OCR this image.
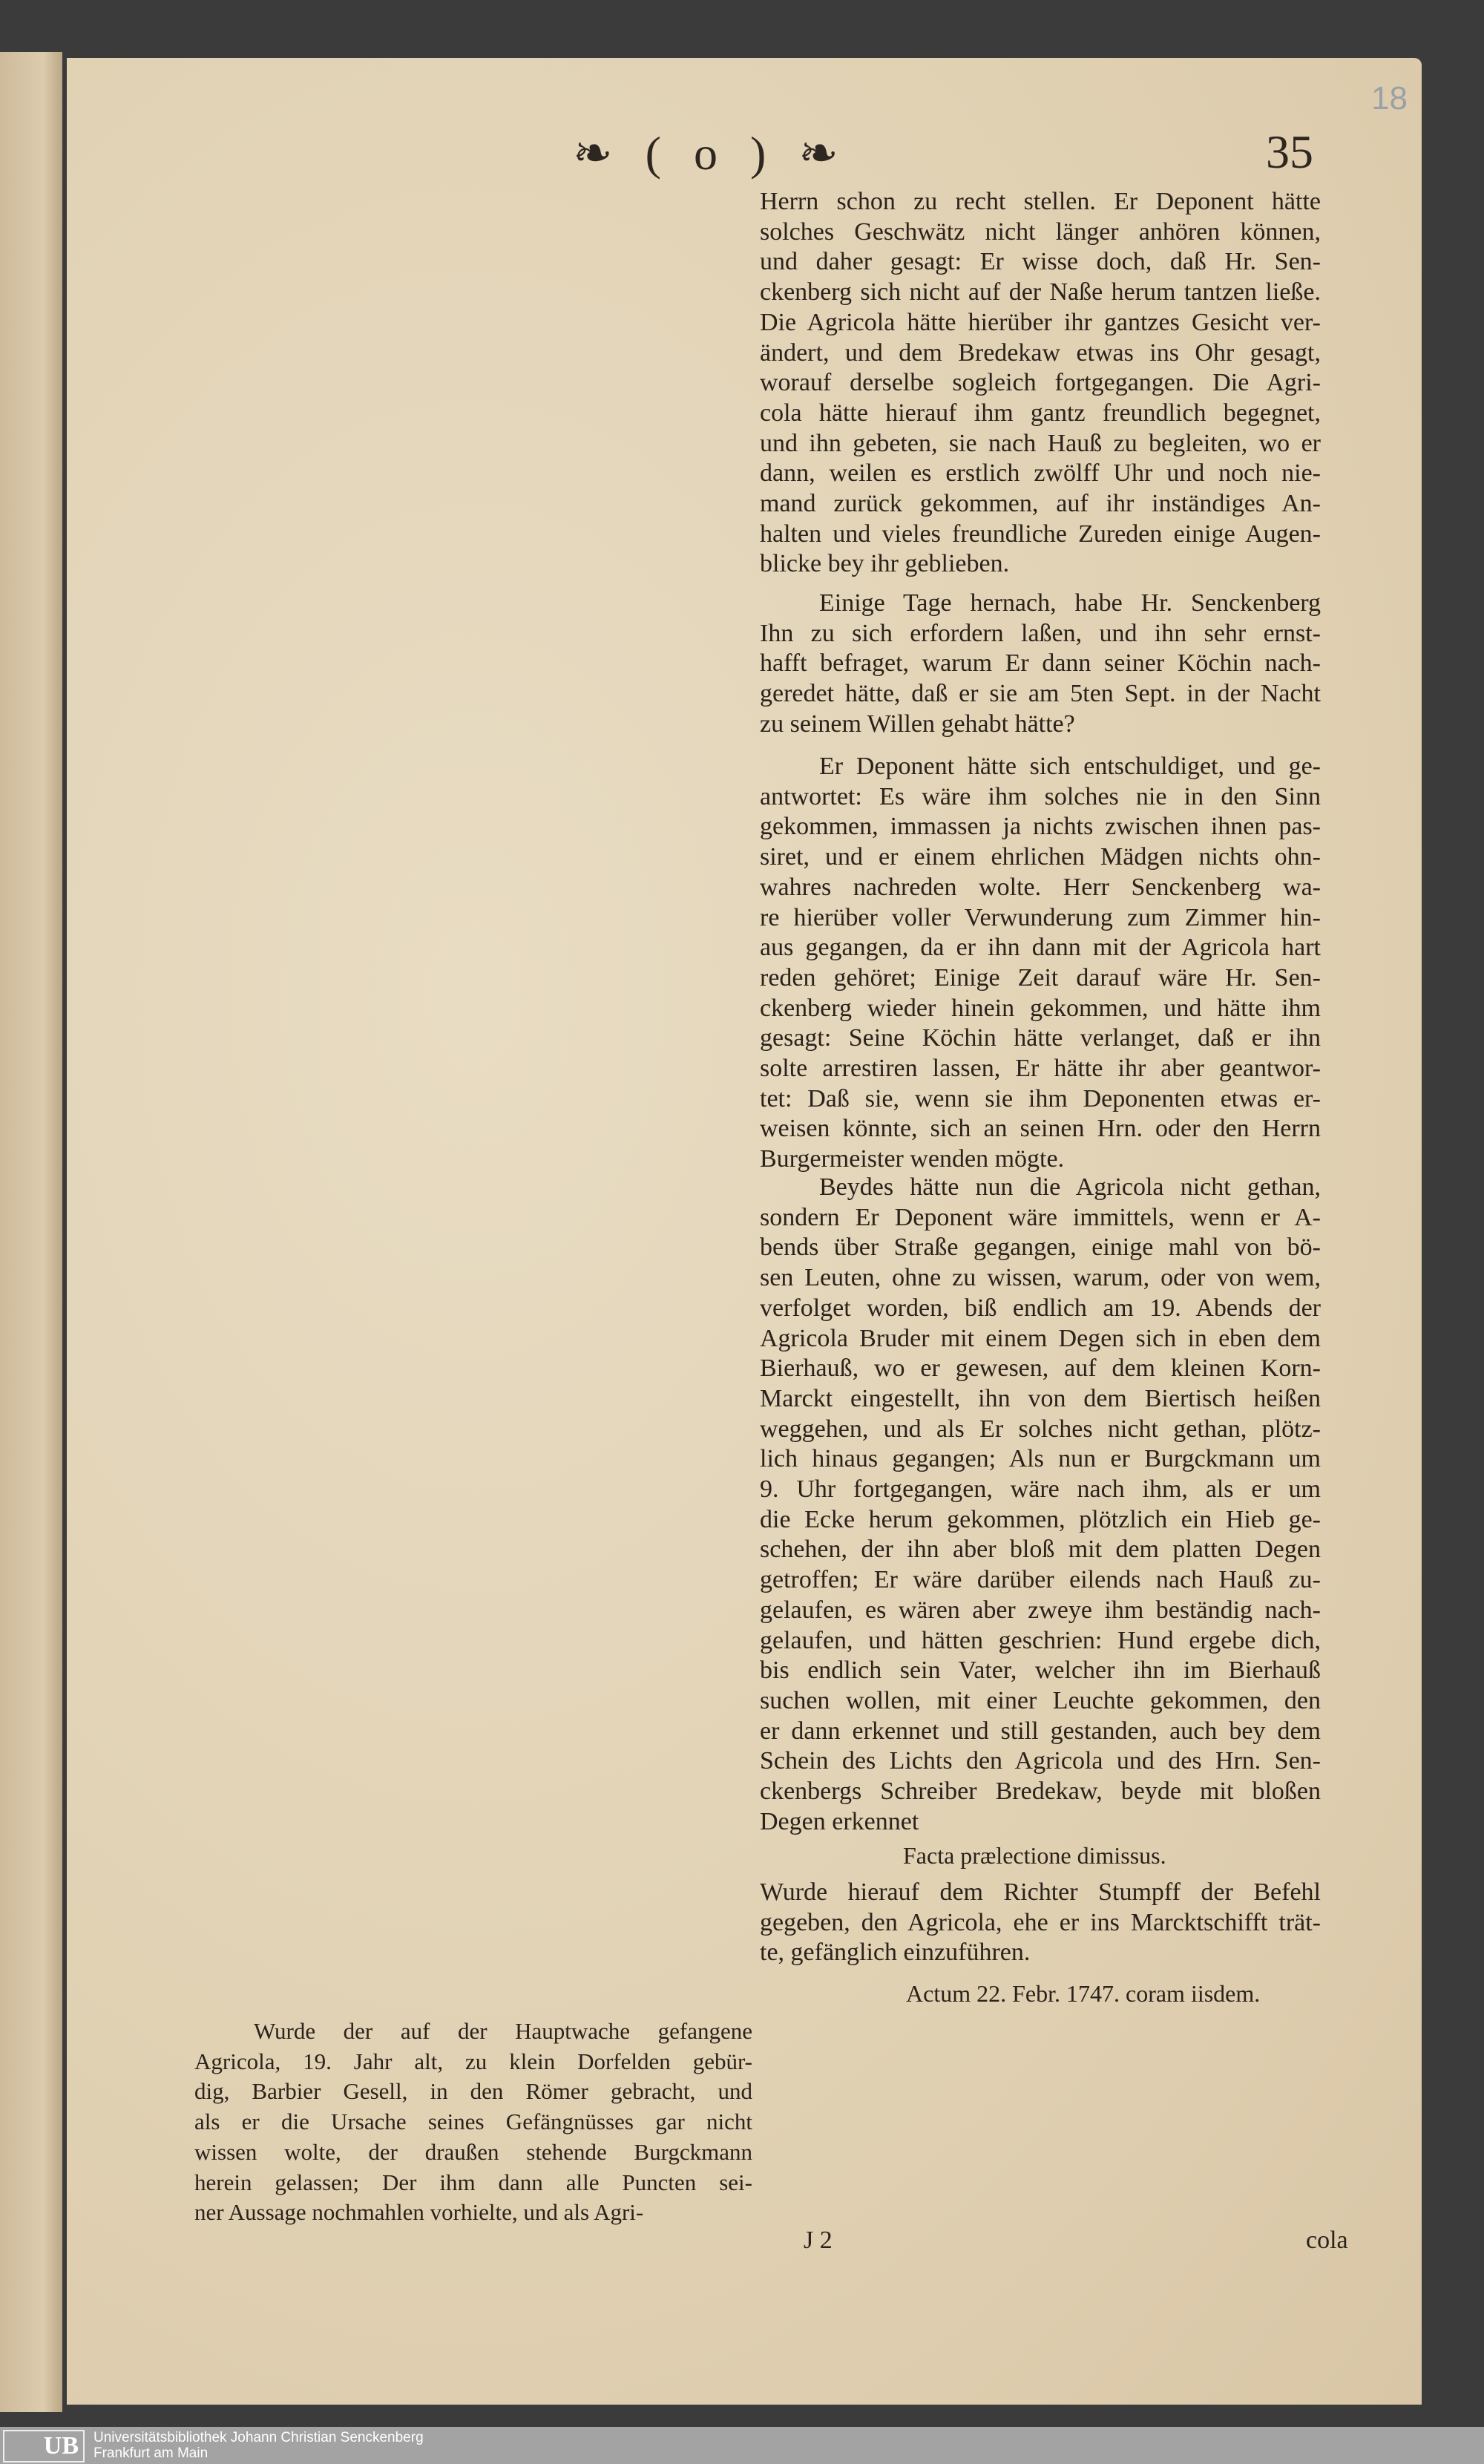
❧ ( o ) ❧	35
18
Herrn schon zu recht stellen. Er Deponent hätte
solches Geschwätz nicht länger anhören können,
und daher gesagt: Er wisse doch, daß Hr. Sen-
ckenberg sich nicht auf der Naße herum tantzen ließe.
Die Agricola hätte hierüber ihr gantzes Gesicht ver-
ändert, und dem Bredekaw etwas ins Ohr gesagt,
worauf derselbe sogleich fortgegangen. Die Agri-
cola hätte hierauf ihm gantz freundlich begegnet,
und ihn gebeten, sie nach Hauß zu begleiten, wo er
dann, weilen es erstlich zwölff Uhr und noch nie-
mand zurück gekommen, auf ihr inständiges An-
halten und vieles freundliche Zureden einige Augen-
blicke bey ihr geblieben.
Einige Tage hernach, habe Hr. Senckenberg
Ihn zu sich erfordern laßen, und ihn sehr ernst-
hafft befraget, warum Er dann seiner Köchin nach-
geredet hätte, daß er sie am 5ten Sept. in der Nacht
zu seinem Willen gehabt hätte?
Er Deponent hätte sich entschuldiget, und ge-
antwortet: Es wäre ihm solches nie in den Sinn
gekommen, immassen ja nichts zwischen ihnen pas-
siret, und er einem ehrlichen Mädgen nichts ohn-
wahres nachreden wolte. Herr Senckenberg wa-
re hierüber voller Verwunderung zum Zimmer hin-
aus gegangen, da er ihn dann mit der Agricola hart
reden gehöret; Einige Zeit darauf wäre Hr. Sen-
ckenberg wieder hinein gekommen, und hätte ihm
gesagt: Seine Köchin hätte verlanget, daß er ihn
solte arrestiren lassen, Er hätte ihr aber geantwor-
tet: Daß sie, wenn sie ihm Deponenten etwas er-
weisen könnte, sich an seinen Hrn. oder den Herrn
Burgermeister wenden mögte.
Beydes hätte nun die Agricola nicht gethan,
sondern Er Deponent wäre immittels, wenn er A-
bends über Straße gegangen, einige mahl von bö-
sen Leuten, ohne zu wissen, warum, oder von wem,
verfolget worden, biß endlich am 19. Abends der
Agricola Bruder mit einem Degen sich in eben dem
Bierhauß, wo er gewesen, auf dem kleinen Korn-
Marckt eingestellt, ihn von dem Biertisch heißen
weggehen, und als Er solches nicht gethan, plötz-
lich hinaus gegangen; Als nun er Burgckmann um
9. Uhr fortgegangen, wäre nach ihm, als er um
die Ecke herum gekommen, plötzlich ein Hieb ge-
schehen, der ihn aber bloß mit dem platten Degen
getroffen; Er wäre darüber eilends nach Hauß zu-
gelaufen, es wären aber zweye ihm beständig nach-
gelaufen, und hätten geschrien: Hund ergebe dich,
bis endlich sein Vater, welcher ihn im Bierhauß
suchen wollen, mit einer Leuchte gekommen, den
er dann erkennet und still gestanden, auch bey dem
Schein des Lichts den Agricola und des Hrn. Sen-
ckenbergs Schreiber Bredekaw, beyde mit bloßen
Degen erkennet
Wurde hierauf dem Richter Stumpff der Befehl
gegeben, den Agricola, ehe er ins Marcktschifft trät-
te, gefänglich einzuführen.
Facta prælectione dimissus.
Actum 22. Febr. 1747. coram iisdem.
Wurde der auf der Hauptwache gefangene
Agricola, 19. Jahr alt, zu klein Dorfelden gebür-
dig, Barbier Gesell, in den Römer gebracht, und
als er die Ursache seines Gefängnüsses gar nicht
wissen wolte, der draußen stehende Burgckmann
herein gelassen; Der ihm dann alle Puncten sei-
ner Aussage nochmahlen vorhielte, und als Agri-
J 2	cola
UB	Universitätsbibliothek Johann Christian Senckenberg
Frankfurt am Main
